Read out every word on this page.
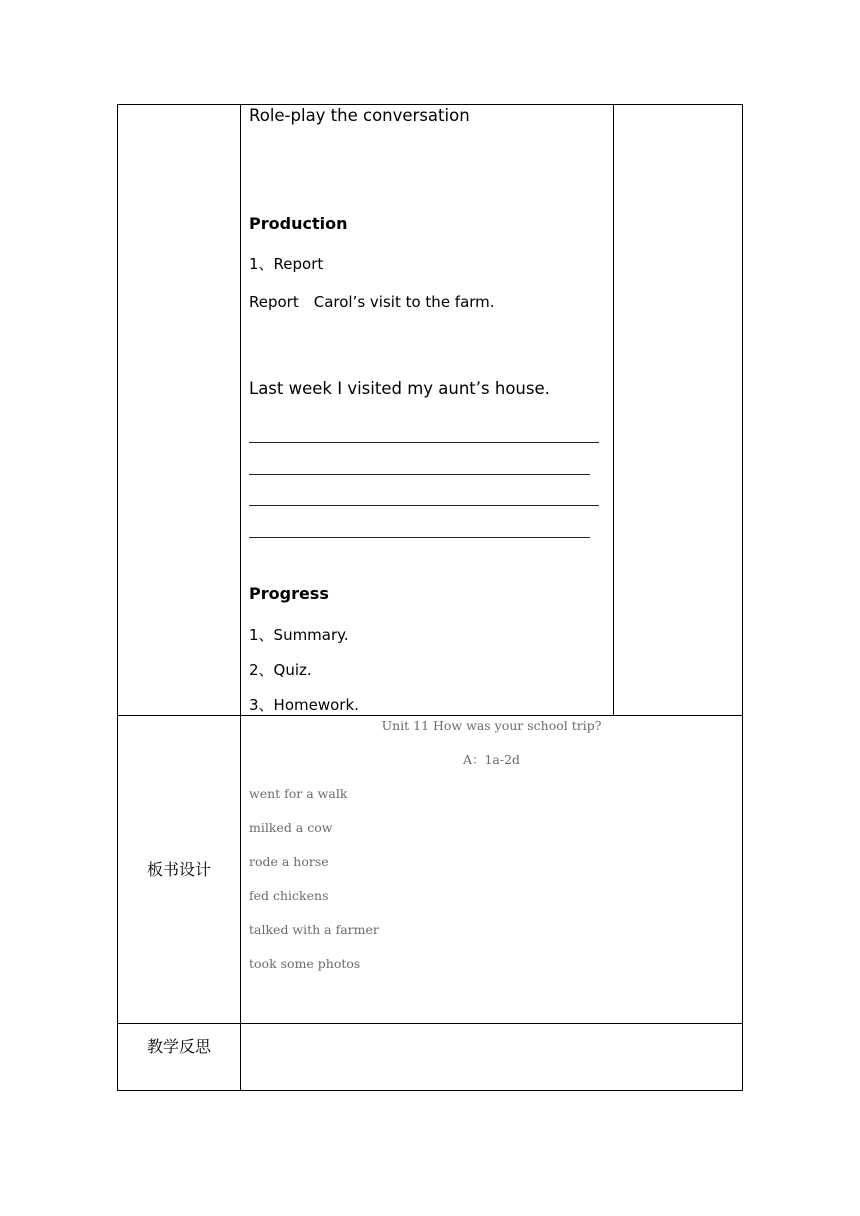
Role-play the conversation
Production
1、Report
Report　Carol’s visit to the farm.
Last week I visited my aunt’s house.
Progress
1、Summary.
2、Quiz.
3、Homework.
板书设计
Unit 11 How was your school trip?
A：1a-2d
went for a walk
milked a cow
rode a horse
fed chickens
talked with a farmer
took some photos
教学反思
